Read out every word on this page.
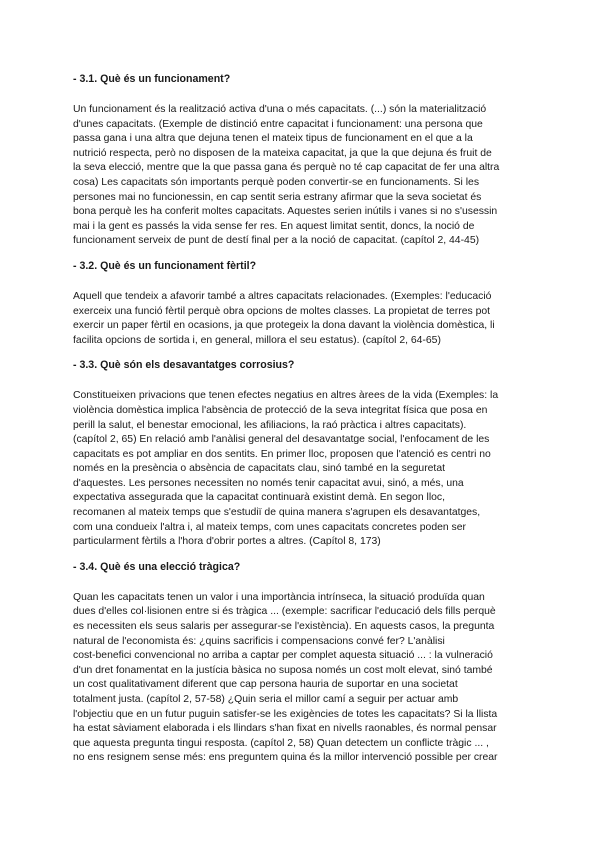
- 3.1. Què és un funcionament?
Un funcionament és la realització activa d'una o més capacitats. (...) són la materialització
d'unes capacitats. (Exemple de distinció entre capacitat i funcionament: una persona que
passa gana i una altra que dejuna tenen el mateix tipus de funcionament en el que a la
nutrició respecta, però no disposen de la mateixa capacitat, ja que la que dejuna és fruit de
la seva elecció, mentre que la que passa gana és perquè no té cap capacitat de fer una altra
cosa) Les capacitats són importants perquè poden convertir-se en funcionaments. Si les
persones mai no funcionessin, en cap sentit seria estrany afirmar que la seva societat és
bona perquè les ha conferit moltes capacitats. Aquestes serien inútils i vanes si no s'usessin
mai i la gent es passés la vida sense fer res. En aquest limitat sentit, doncs, la noció de
funcionament serveix de punt de destí final per a la noció de capacitat. (capítol 2, 44-45)
- 3.2. Què és un funcionament fèrtil?
Aquell que tendeix a afavorir també a altres capacitats relacionades. (Exemples: l'educació
exerceix una funció fèrtil perquè obra opcions de moltes classes. La propietat de terres pot
exercir un paper fèrtil en ocasions, ja que protegeix la dona davant la violència domèstica, li
facilita opcions de sortida i, en general, millora el seu estatus). (capítol 2, 64-65)
- 3.3. Què són els desavantatges corrosius?
Constitueixen privacions que tenen efectes negatius en altres àrees de la vida (Exemples: la
violència domèstica implica l'absència de protecció de la seva integritat física que posa en
perill la salut, el benestar emocional, les afiliacions, la raó pràctica i altres capacitats).
(capítol 2, 65) En relació amb l'anàlisi general del desavantatge social, l'enfocament de les
capacitats es pot ampliar en dos sentits. En primer lloc, proposen que l'atenció es centri no
només en la presència o absència de capacitats clau, sinó també en la seguretat
d'aquestes. Les persones necessiten no només tenir capacitat avui, sinó, a més, una
expectativa assegurada que la capacitat continuarà existint demà. En segon lloc,
recomanen al mateix temps que s'estudiï de quina manera s'agrupen els desavantatges,
com una condueix l'altra i, al mateix temps, com unes capacitats concretes poden ser
particularment fèrtils a l'hora d'obrir portes a altres. (Capítol 8, 173)
- 3.4. Què és una elecció tràgica?
Quan les capacitats tenen un valor i una importància intrínseca, la situació produïda quan
dues d'elles col·lisionen entre si és tràgica ... (exemple: sacrificar l'educació dels fills perquè
es necessiten els seus salaris per assegurar-se l'existència). En aquests casos, la pregunta
natural de l'economista és: ¿quins sacrificis i compensacions convé fer? L'anàlisi
cost-benefici convencional no arriba a captar per complet aquesta situació ... : la vulneració
d'un dret fonamentat en la justícia bàsica no suposa només un cost molt elevat, sinó també
un cost qualitativament diferent que cap persona hauria de suportar en una societat
totalment justa. (capítol 2, 57-58) ¿Quin seria el millor camí a seguir per actuar amb
l'objectiu que en un futur puguin satisfer-se les exigències de totes les capacitats? Si la llista
ha estat sàviament elaborada i els llindars s'han fixat en nivells raonables, és normal pensar
que aquesta pregunta tingui resposta. (capítol 2, 58) Quan detectem un conflicte tràgic ... ,
no ens resignem sense més: ens preguntem quina és la millor intervenció possible per crear
